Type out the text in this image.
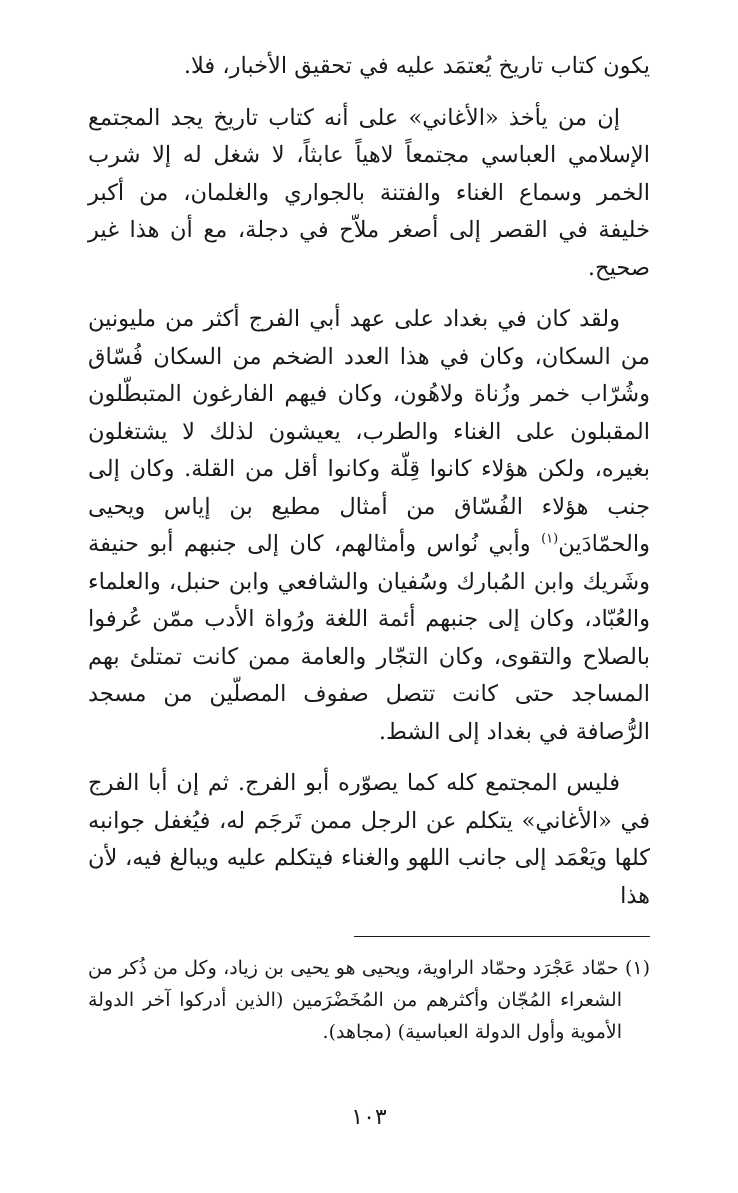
يكون كتاب تاريخ يُعتمَد عليه في تحقيق الأخبار، فلا.

إن من يأخذ «الأغاني» على أنه كتاب تاريخ يجد المجتمع الإسلامي العباسي مجتمعاً لاهياً عابثاً، لا شغل له إلا شرب الخمر وسماع الغناء والفتنة بالجواري والغلمان، من أكبر خليفة في القصر إلى أصغر ملاّح في دجلة، مع أن هذا غير صحيح.

ولقد كان في بغداد على عهد أبي الفرج أكثر من مليونين من السكان، وكان في هذا العدد الضخم من السكان فُسّاق وشُرّاب خمر وزُناة ولاهُون، وكان فيهم الفارغون المتبطّلون المقبلون على الغناء والطرب، يعيشون لذلك لا يشتغلون بغيره، ولكن هؤلاء كانوا قِلّة وكانوا أقل من القلة. وكان إلى جنب هؤلاء الفُسّاق من أمثال مطيع بن إياس ويحيى والحمّادَين$^{(١)}$ وأبي نُواس وأمثالهم، كان إلى جنبهم أبو حنيفة وشَريك وابن المُبارك وسُفيان والشافعي وابن حنبل، والعلماء والعُبّاد، وكان إلى جنبهم أئمة اللغة ورُواة الأدب ممّن عُرفوا بالصلاح والتقوى، وكان التجّار والعامة ممن كانت تمتلئ بهم المساجد حتى كانت تتصل صفوف المصلّين من مسجد الرُّصافة في بغداد إلى الشط.

فليس المجتمع كله كما يصوّره أبو الفرج. ثم إن أبا الفرج في «الأغاني» يتكلم عن الرجل ممن تَرجَم له، فيُغفل جوانبه كلها ويَعْمَد إلى جانب اللهو والغناء فيتكلم عليه ويبالغ فيه، لأن هذا

(١) حمّاد عَجْرَد وحمّاد الراوية، ويحيى هو يحيى بن زياد، وكل من ذُكر من الشعراء المُجّان وأكثرهم من المُخَضْرَمين (الذين أدركوا آخر الدولة الأموية وأول الدولة العباسية) (مجاهد).

١٠٣
